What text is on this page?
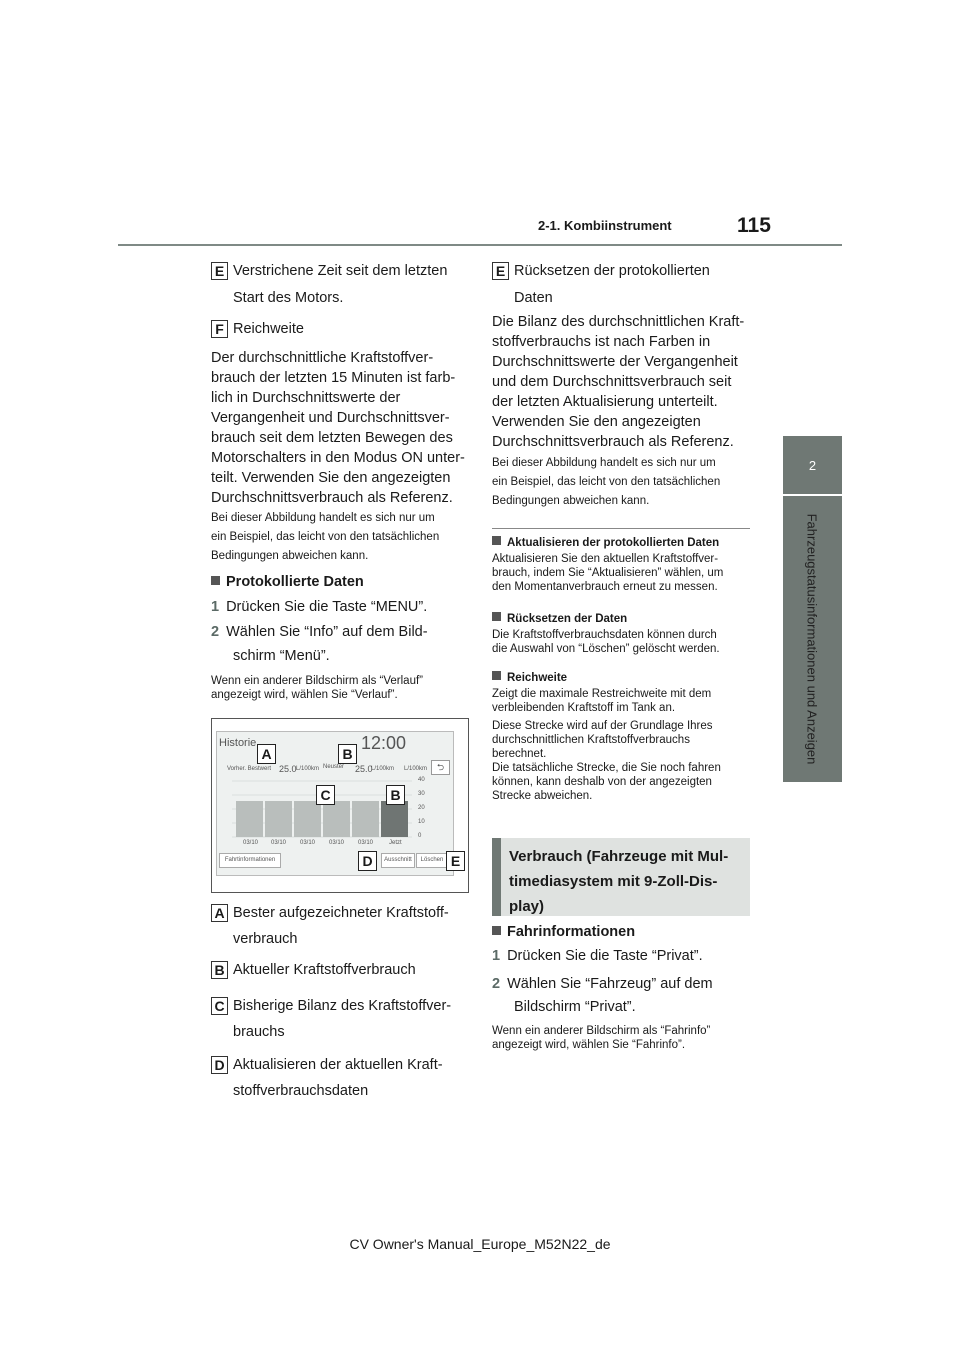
2-1. Kombiinstrument	115
2
Fahrzeugstatusinformationen und Anzeigen
E Verstrichene Zeit seit dem letzten
Start des Motors.
F Reichweite

Der durchschnittliche Kraftstoffver-

brauch der letzten 15 Minuten ist farb-

lich in Durchschnittswerte der

Vergangenheit und Durchschnittsver-

brauch seit dem letzten Bewegen des

Motorschalters in den Modus ON unter-

teilt. Verwenden Sie den angezeigten

Durchschnittsverbrauch als Referenz.

Bei dieser Abbildung handelt es sich nur um

ein Beispiel, das leicht von den tatsächlichen

Bedingungen abweichen kann.

Protokollierte Daten
1 Drücken Sie die Taste “MENU”.
2 Wählen Sie “Info” auf dem Bild-
schirm “Menü”.

Wenn ein anderer Bildschirm als “Verlauf”

angezeigt wird, wählen Sie “Verlauf”.

Historie	12:00
Vorher. Bestwert 25.0 L/100km Neuster 25.0
L/100km L/100km	⮌
03/10 03/10 03/10 03/10 03/10	Jetzt
40
30
20
10
0
Fahrtinformationen	Ausschnitt	Löschen
A	B
C	B
D	E
A Bester aufgezeichneter Kraftstoff-
verbrauch
B Aktueller Kraftstoffverbrauch
C Bisherige Bilanz des Kraftstoffver-
brauchs
D Aktualisieren der aktuellen Kraft-
stoffverbrauchsdaten
E Rücksetzen der protokollierten
Daten

Die Bilanz des durchschnittlichen Kraft-

stoffverbrauchs ist nach Farben in

Durchschnittswerte der Vergangenheit

und dem Durchschnittsverbrauch seit

der letzten Aktualisierung unterteilt.

Verwenden Sie den angezeigten

Durchschnittsverbrauch als Referenz.

Bei dieser Abbildung handelt es sich nur um

ein Beispiel, das leicht von den tatsächlichen

Bedingungen abweichen kann.

Aktualisieren der protokollierten Daten

Aktualisieren Sie den aktuellen Kraftstoffver-

brauch, indem Sie “Aktualisieren” wählen, um

den Momentanverbrauch erneut zu messen.

Rücksetzen der Daten

Die Kraftstoffverbrauchsdaten können durch

die Auswahl von “Löschen” gelöscht werden.

Reichweite

Zeigt die maximale Restreichweite mit dem

verbleibenden Kraftstoff im Tank an.

Diese Strecke wird auf der Grundlage Ihres

durchschnittlichen Kraftstoffverbrauchs

berechnet.

Die tatsächliche Strecke, die Sie noch fahren

können, kann deshalb von der angezeigten

Strecke abweichen.

Verbrauch (Fahrzeuge mit Mul-
timediasystem mit 9-Zoll-Dis-
play)
Fahrinformationen
1 Drücken Sie die Taste “Privat”.
2 Wählen Sie “Fahrzeug” auf dem
Bildschirm “Privat”.

Wenn ein anderer Bildschirm als “Fahrinfo”

angezeigt wird, wählen Sie “Fahrinfo”.

CV Owner's Manual_Europe_M52N22_de
